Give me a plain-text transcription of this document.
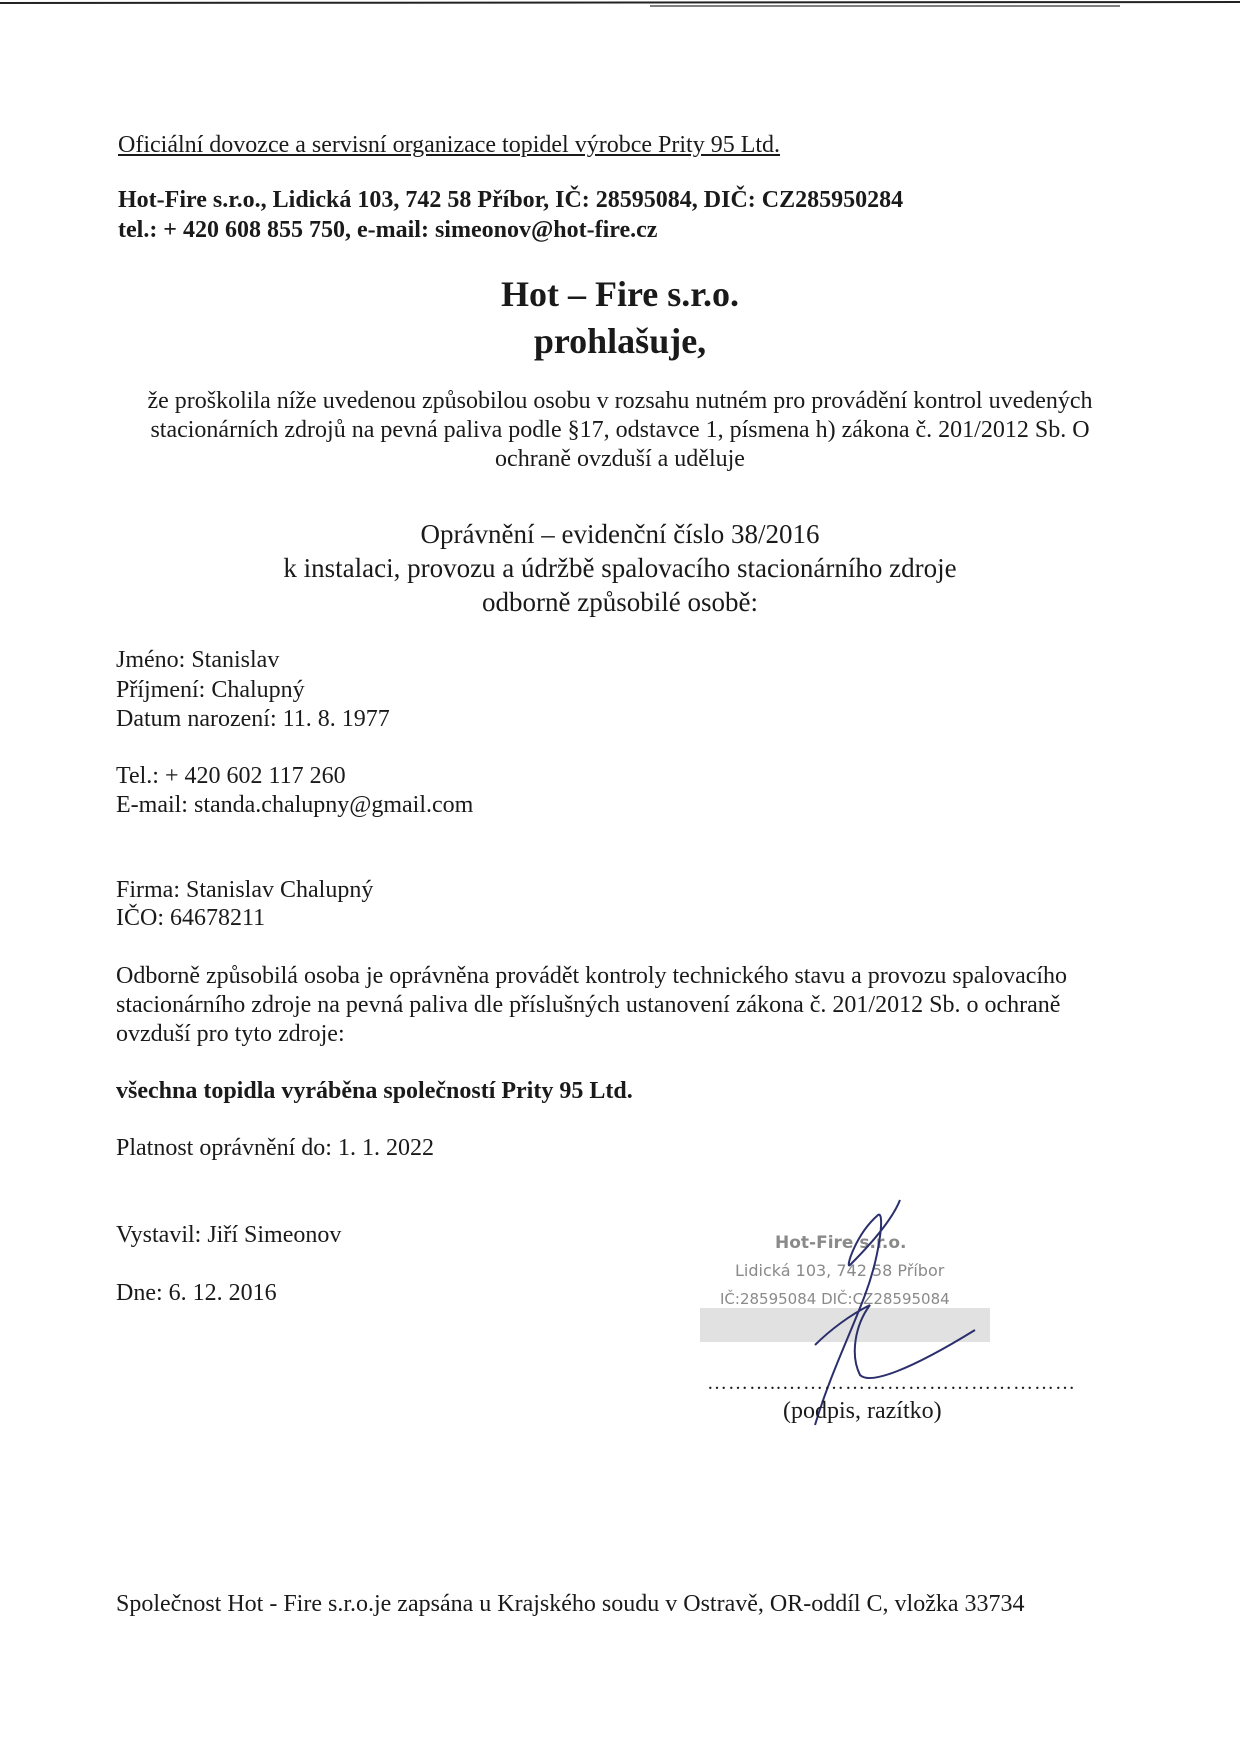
Oficiální dovozce a servisní organizace topidel výrobce Prity 95 Ltd.
Hot-Fire s.r.o., Lidická 103, 742 58 Příbor, IČ: 28595084, DIČ: CZ285950284
tel.: + 420 608 855 750, e-mail: simeonov@hot-fire.cz
Hot – Fire s.r.o.
prohlašuje,
že proškolila níže uvedenou způsobilou osobu v rozsahu nutném pro provádění kontrol uvedených
stacionárních zdrojů na pevná paliva podle §17, odstavce 1, písmena h) zákona č. 201/2012 Sb. O
ochraně ovzduší a uděluje
Oprávnění – evidenční číslo 38/2016
k instalaci, provozu a údržbě spalovacího stacionárního zdroje
odborně způsobilé osobě:
Jméno: Stanislav
Příjmení: Chalupný
Datum narození: 11. 8. 1977
Tel.: + 420 602 117 260
E-mail: standa.chalupny@gmail.com
Firma: Stanislav Chalupný
IČO: 64678211
Odborně způsobilá osoba je oprávněna provádět kontroly technického stavu a provozu spalovacího
stacionárního zdroje na pevná paliva dle příslušných ustanovení zákona č. 201/2012 Sb. o ochraně
ovzduší pro tyto zdroje:
všechna topidla vyráběna společností Prity 95 Ltd.
Platnost oprávnění do: 1. 1. 2022
Vystavil: Jiří Simeonov
Dne: 6. 12. 2016
Hot-Fire s.r.o.
Lidická 103, 742 58 Příbor
IČ:28595084 DIČ:CZ28595084
………..……………………………………
(podpis, razítko)
Společnost Hot - Fire s.r.o.je zapsána u Krajského soudu v Ostravě, OR-oddíl C, vložka 33734
